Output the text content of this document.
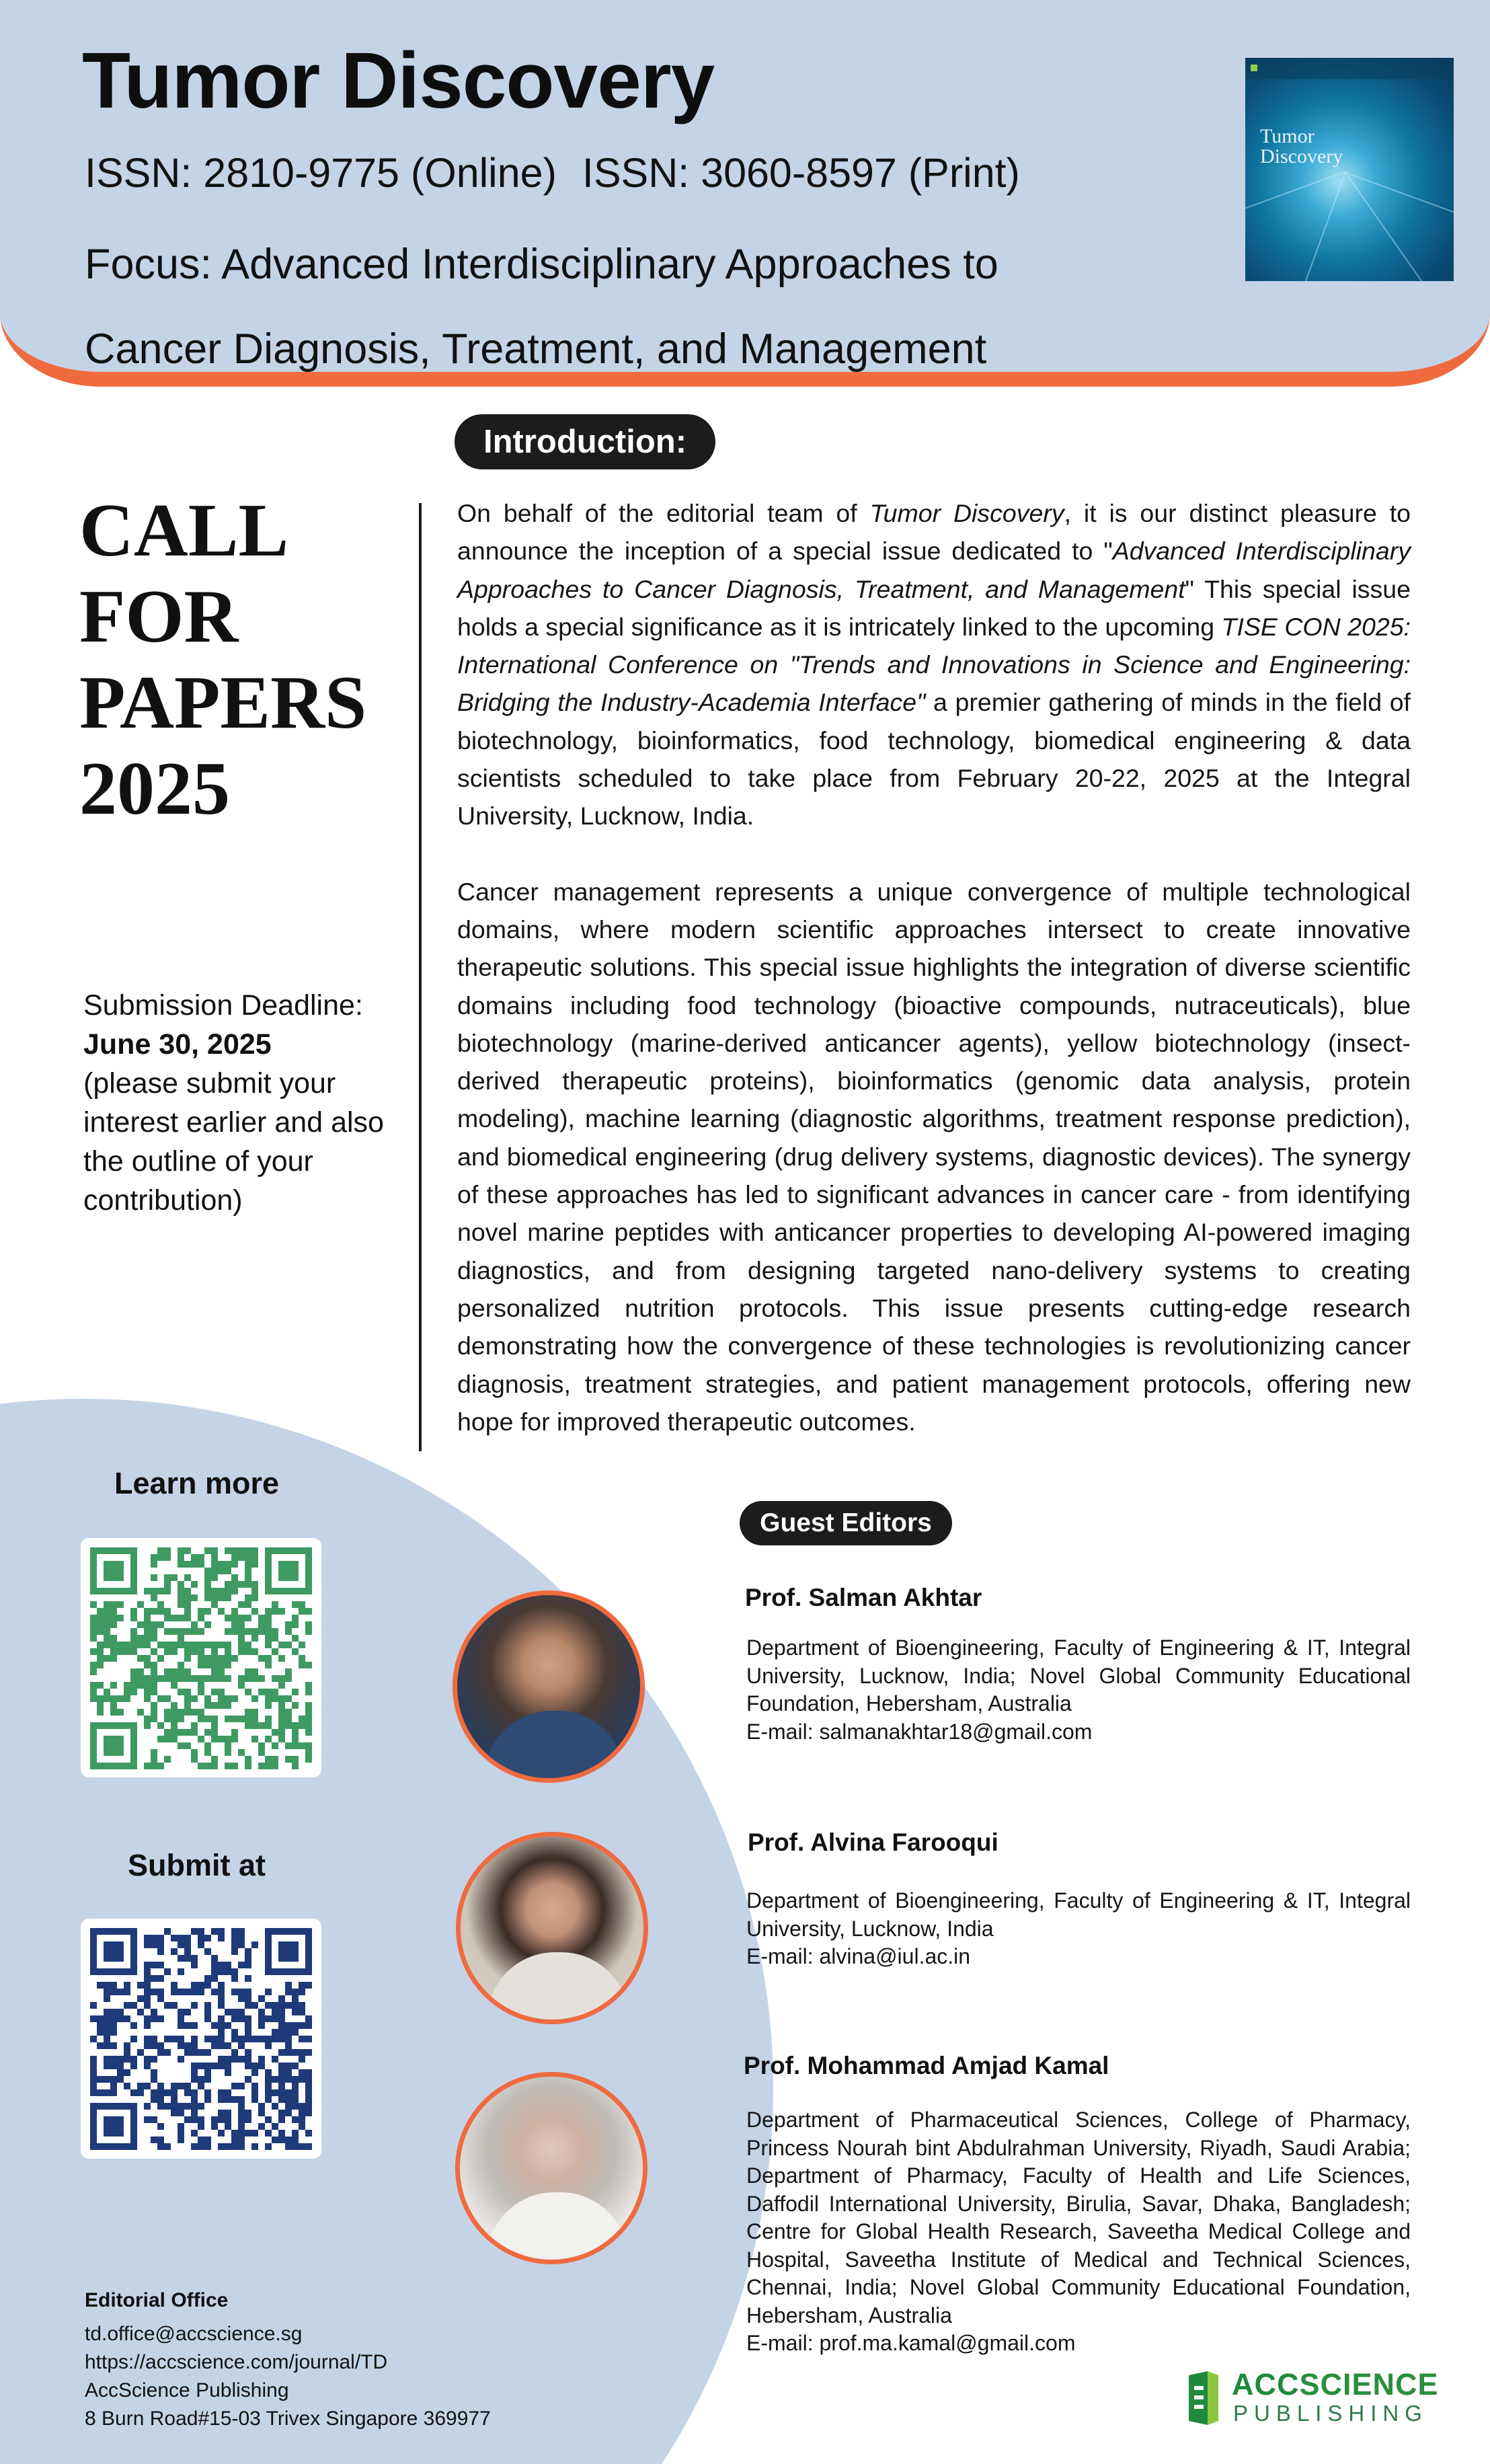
Tumor Discovery
ISSN: 2810-9775 (Online) ISSN: 3060-8597 (Print)
Focus: Advanced Interdisciplinary Approaches to
Cancer Diagnosis, Treatment, and Management
Tumor
Discovery
CALL
FOR
PAPERS
2025
Submission Deadline:
June 30, 2025
(please submit your interest earlier and also the outline of your contribution)
Introduction:

On behalf of the editorial team of Tumor Discovery, it is our distinct pleasure to announce the inception of a special issue dedicated to "Advanced Interdisciplinary Approaches to Cancer Diagnosis, Treatment, and Management" This special issue holds a special significance as it is intricately linked to the upcoming TISE CON 2025: International Conference on "Trends and Innovations in Science and Engineering: Bridging the Industry-Academia Interface" a premier gathering of minds in the field of biotechnology, bioinformatics, food technology, biomedical engineering & data scientists scheduled to take place from February 20-22, 2025 at the Integral University, Lucknow, India.

Cancer management represents a unique convergence of multiple technological domains, where modern scientific approaches intersect to create innovative therapeutic solutions. This special issue highlights the integration of diverse scientific domains including food technology (bioactive compounds, nutraceuticals), blue biotechnology (marine-derived anticancer agents), yellow biotechnology (insect-derived therapeutic proteins), bioinformatics (genomic data analysis, protein modeling), machine learning (diagnostic algorithms, treatment response prediction), and biomedical engineering (drug delivery systems, diagnostic devices). The synergy of these approaches has led to significant advances in cancer care - from identifying novel marine peptides with anticancer properties to developing AI-powered imaging diagnostics, and from designing targeted nano-delivery systems to creating personalized nutrition protocols. This issue presents cutting-edge research demonstrating how the convergence of these technologies is revolutionizing cancer diagnosis, treatment strategies, and patient management protocols, offering new hope for improved therapeutic outcomes.

Learn more
Submit at
Guest Editors
Prof. Salman Akhtar
Department of Bioengineering, Faculty of Engineering & IT, Integral University, Lucknow, India; Novel Global Community Educational Foundation, Hebersham, Australia
E-mail: salmanakhtar18@gmail.com
Prof. Alvina Farooqui
Department of Bioengineering, Faculty of Engineering & IT, Integral University, Lucknow, India
E-mail: alvina@iul.ac.in
Prof. Mohammad Amjad Kamal
Department of Pharmaceutical Sciences, College of Pharmacy, Princess Nourah bint Abdulrahman University, Riyadh, Saudi Arabia; Department of Pharmacy, Faculty of Health and Life Sciences, Daffodil International University, Birulia, Savar, Dhaka, Bangladesh; Centre for Global Health Research, Saveetha Medical College and Hospital, Saveetha Institute of Medical and Technical Sciences, Chennai, India; Novel Global Community Educational Foundation, Hebersham, Australia
E-mail: prof.ma.kamal@gmail.com
Editorial Office
td.office@accscience.sg
https://accscience.com/journal/TD
AccScience Publishing
8 Burn Road#15-03 Trivex Singapore 369977
ACCSCIENCE
PUBLISHING
